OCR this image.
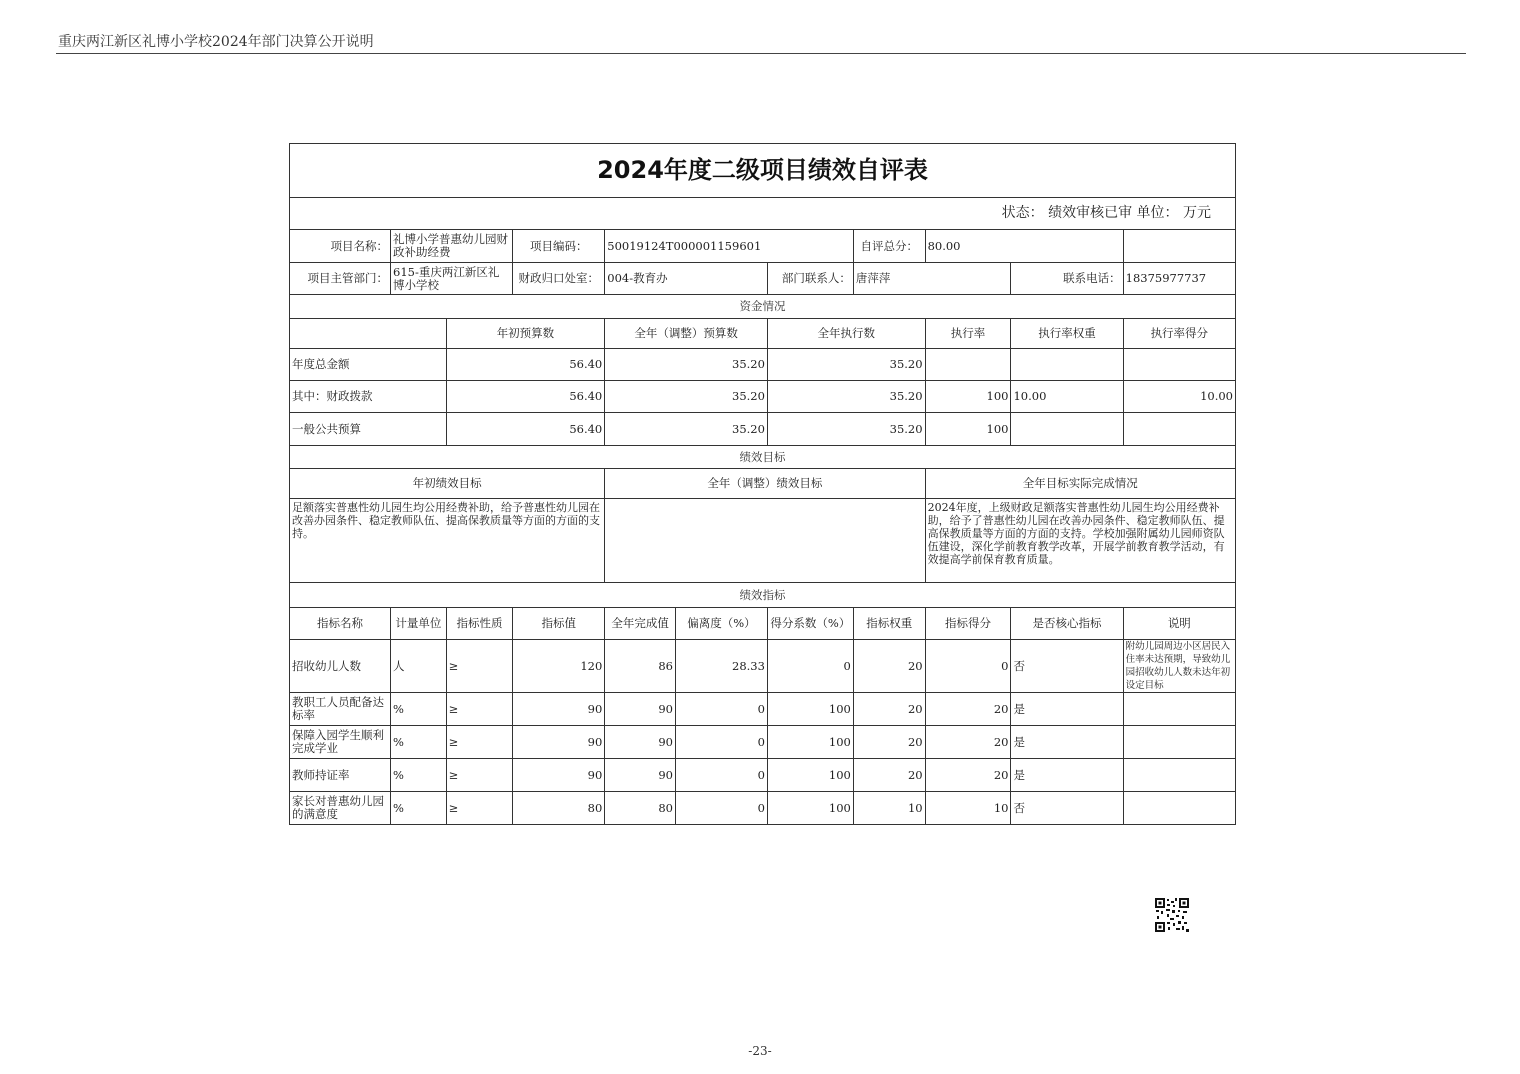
重庆两江新区礼博小学校2024年部门决算公开说明
2024年度二级项目绩效自评表										
状态： 绩效审核已审 单位： 万元										
项目名称：	礼博小学普惠幼儿园财政补助经费		项目编码：	50019124T000001159601			自评总分：	80.00		
项目主管部门：	615-重庆两江新区礼博小学校		财政归口处室：	004-教育办		部门联系人：	唐萍萍		联系电话：	18375977737
资金情况										
		年初预算数		全年（调整）预算数		全年执行数		执行率	执行率权重	执行率得分
年度总金额		56.40		35.20		35.20				
其中：财政拨款		56.40		35.20		35.20		100	10.00	10.00
一般公共预算		56.40		35.20		35.20		100		
绩效目标										
年初绩效目标				全年（调整）绩效目标				全年目标实际完成情况		
足额落实普惠性幼儿园生均公用经费补助，给予普惠性幼儿园在改善办园条件、稳定教师队伍、提高保教质量等方面的方面的支持。								2024年度，上级财政足额落实普惠性幼儿园生均公用经费补助，给予了普惠性幼儿园在改善办园条件、稳定教师队伍、提高保教质量等方面的方面的支持。学校加强附属幼儿园师资队伍建设，深化学前教育教学改革，开展学前教育教学活动，有效提高学前保育教育质量。		
绩效指标										
指标名称	计量单位	指标性质	指标值	全年完成值	偏离度（%）	得分系数（%）	指标权重	指标得分	是否核心指标	说明
招收幼儿人数	人	≥	120	86	28.33	0	20	0	否	附幼儿园周边小区居民入住率未达预期，导致幼儿园招收幼儿人数未达年初设定目标
教职工人员配备达标率	%	≥	90	90	0	100	20	20	是	
保障入园学生顺利完成学业	%	≥	90	90	0	100	20	20	是	
教师持证率	%	≥	90	90	0	100	20	20	是	
家长对普惠幼儿园的满意度	%	≥	80	80	0	100	10	10	否	
-23-
